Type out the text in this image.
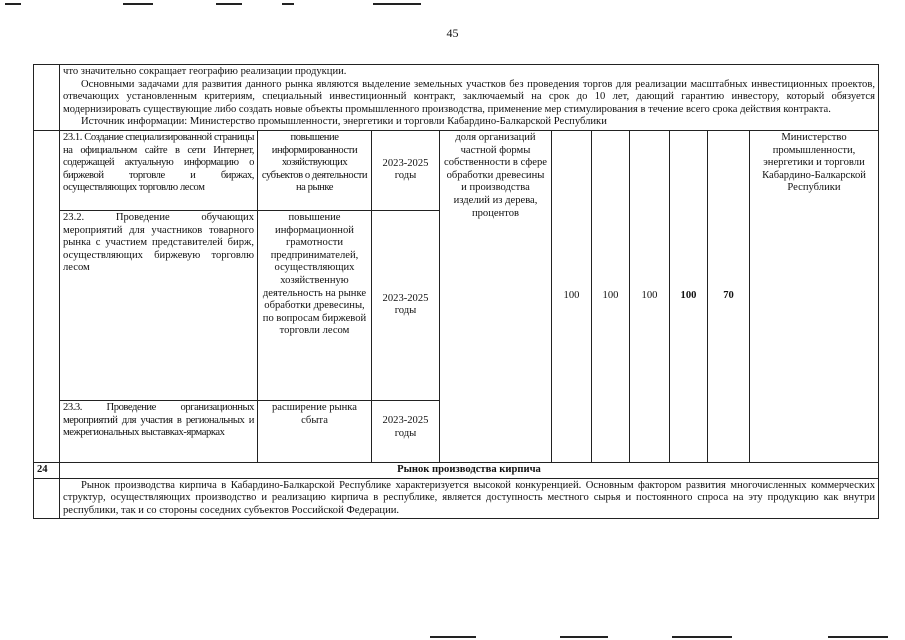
45

	что значительно сокращает географию реализации продукции.

Основными задачами для развития данного рынка являются выделение земельных участков без проведения торгов для реализации масштабных инвестиционных проектов, отвечающих установленным критериям, специальный инвестиционный контракт, заключаемый на срок до 10 лет, дающий гарантию инвестору, который обязуется модернизировать существующие либо создать новые объекты промышленного производства, применение мер стимулирования в течение всего срока действия контракта.

Источник информации: Министерство промышленности, энергетики и торговли Кабардино-Балкарской Республики									

	23.1. Создание специализированной страницы на официальном сайте в сети Интернет, содержащей актуальную информацию о биржевой торговле и биржах, осуществляющих торговлю лесом	повышение информированности хозяйствующих субъектов о деятельности на рынке	2023-2025 годы	доля организаций частной формы собственности в сфере обработки древесины и производства изделий из дерева, процентов	100	100	100	100	70	Министерство промышленности, энергетики и торговли Кабардино-Балкарской Республики
	23.2. Проведение обучающих мероприятий для участников товарного рынка с участием представителей бирж, осуществляющих биржевую торговлю лесом	повышение информационной грамотности предпринимателей, осуществляющих хозяйственную деятельность на рынке обработки древесины, по вопросам биржевой торговли лесом	2023-2025 годы							
	23.3. Проведение организационных мероприятий для участия в региональных и межрегиональных выставках-ярмарках	расширение рынка сбыта	2023-2025 годы							
24	Рынок производства кирпича									

	Рынок производства кирпича в Кабардино-Балкарской Республике характеризуется высокой конкуренцией. Основным фактором развития многочисленных коммерческих структур, осуществляющих производство и реализацию кирпича в республике, является доступность местного сырья и постоянного спроса на эту продукцию как внутри республики, так и со стороны соседних субъектов Российской Федерации.									
